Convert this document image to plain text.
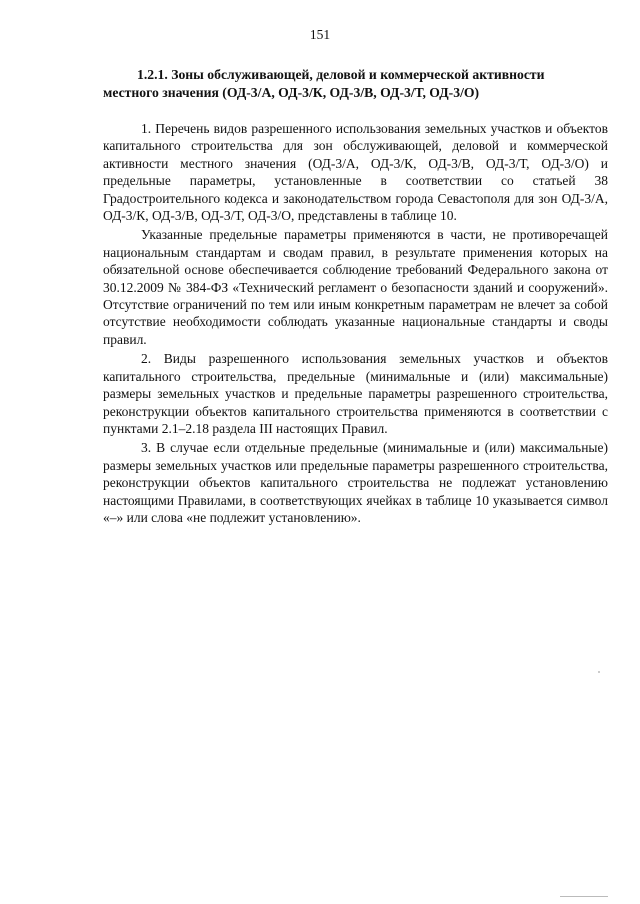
151
1.2.1. Зоны обслуживающей, деловой и коммерческой активности
местного значения (ОД-3/А, ОД-3/К, ОД-3/В, ОД-3/Т, ОД-3/О)

1. Перечень видов разрешенного использования земельных участков и объектов капитального строительства для зон обслуживающей, деловой и коммерческой активности местного значения (ОД-3/А, ОД-3/К, ОД-3/В, ОД-3/Т, ОД-3/О) и предельные параметры, установленные в соответствии со статьей 38 Градостроительного кодекса и законодательством города Севастополя для зон ОД-3/А, ОД-3/К, ОД-3/В, ОД-3/Т, ОД-3/О, представлены в таблице 10.

Указанные предельные параметры применяются в части, не противоречащей национальным стандартам и сводам правил, в результате применения которых на обязательной основе обеспечивается соблюдение требований Федерального закона от 30.12.2009 № 384-ФЗ «Технический регламент о безопасности зданий и сооружений». Отсутствие ограничений по тем или иным конкретным параметрам не влечет за собой отсутствие необходимости соблюдать указанные национальные стандарты и своды правил.

2. Виды разрешенного использования земельных участков и объектов капитального строительства, предельные (минимальные и (или) максимальные) размеры земельных участков и предельные параметры разрешенного строительства, реконструкции объектов капитального строительства применяются в соответствии с пунктами 2.1–2.18 раздела III настоящих Правил.

3. В случае если отдельные предельные (минимальные и (или) максимальные) размеры земельных участков или предельные параметры разрешенного строительства, реконструкции объектов капитального строительства не подлежат установлению настоящими Правилами, в соответствующих ячейках в таблице 10 указывается символ «–» или слова «не подлежит установлению».
